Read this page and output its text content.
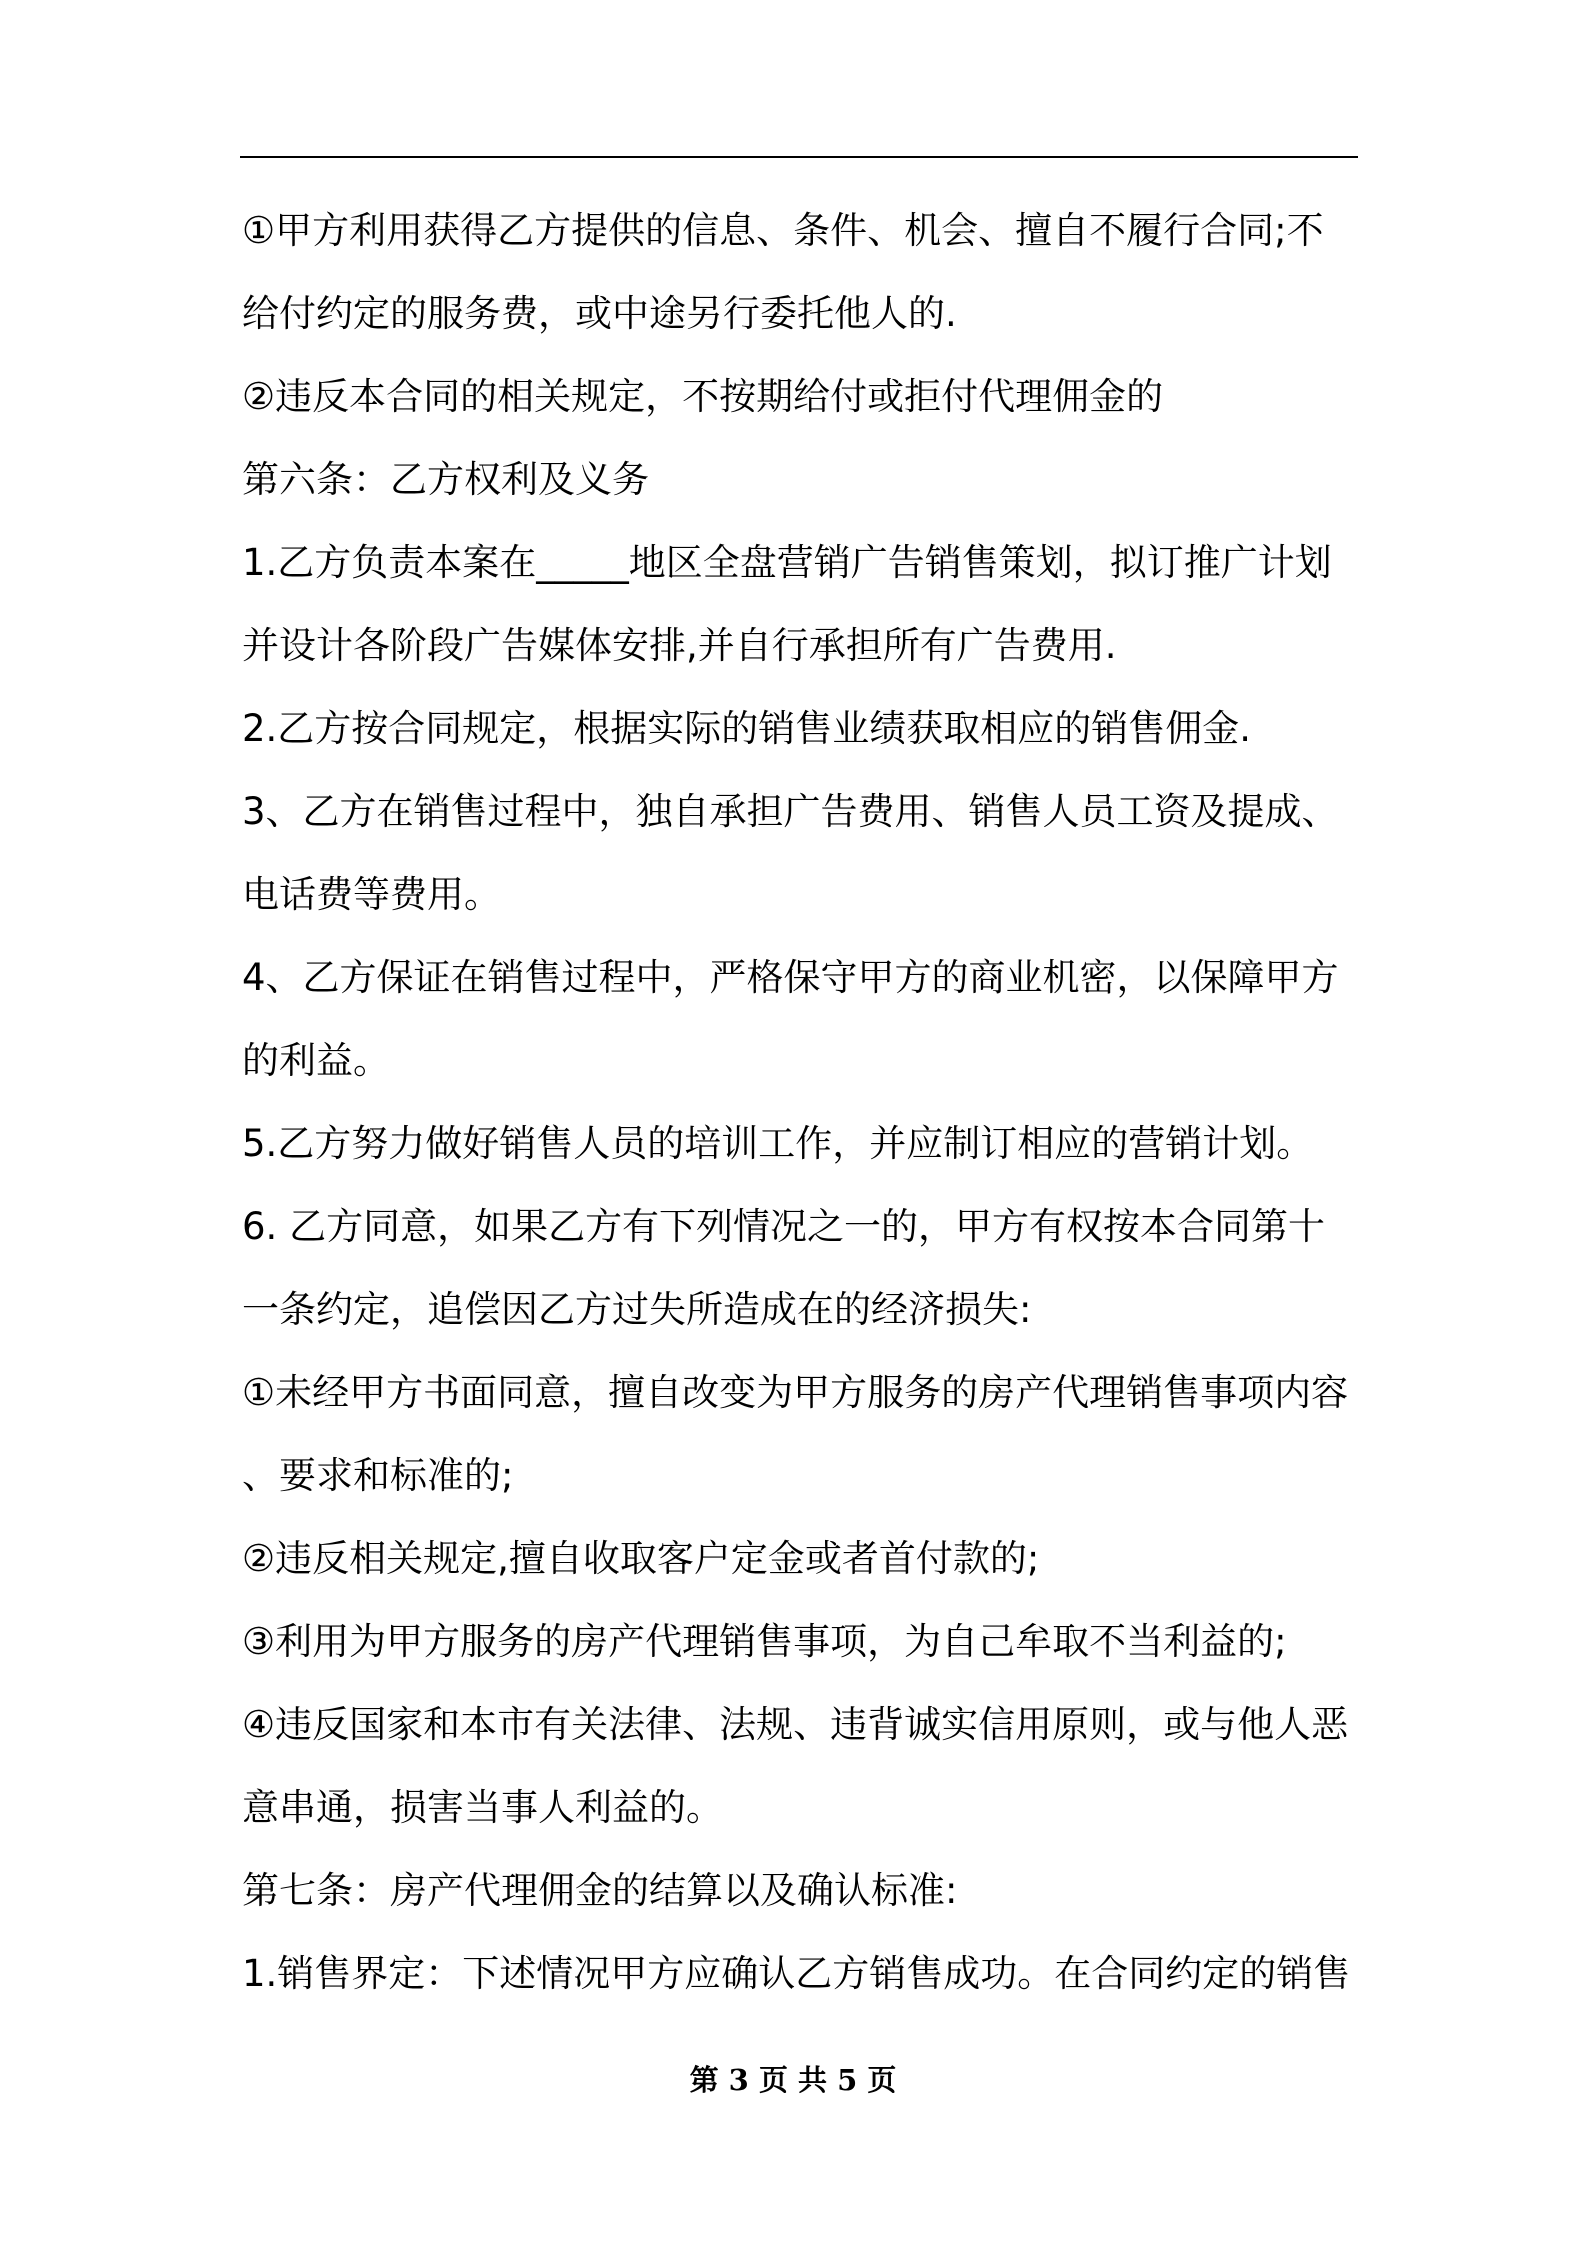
①甲方利用获得乙方提供的信息、条件、机会、擅自不履行合同;不
给付约定的服务费，或中途另行委托他人的.
②违反本合同的相关规定，不按期给付或拒付代理佣金的
第六条：乙方权利及义务
1.乙方负责本案在_____地区全盘营销广告销售策划，拟订推广计划
并设计各阶段广告媒体安排,并自行承担所有广告费用.
2.乙方按合同规定，根据实际的销售业绩获取相应的销售佣金.
3、乙方在销售过程中，独自承担广告费用、销售人员工资及提成、
电话费等费用。
4、乙方保证在销售过程中，严格保守甲方的商业机密，以保障甲方
的利益。
5.乙方努力做好销售人员的培训工作，并应制订相应的营销计划。
6. 乙方同意，如果乙方有下列情况之一的，甲方有权按本合同第十
一条约定，追偿因乙方过失所造成在的经济损失:
①未经甲方书面同意，擅自改变为甲方服务的房产代理销售事项内容
、要求和标准的;
②违反相关规定,擅自收取客户定金或者首付款的;
③利用为甲方服务的房产代理销售事项，为自己牟取不当利益的;
④违反国家和本市有关法律、法规、违背诚实信用原则，或与他人恶
意串通，损害当事人利益的。
第七条：房产代理佣金的结算以及确认标准:
1.销售界定：下述情况甲方应确认乙方销售成功。在合同约定的销售
第 3 页 共 5 页
